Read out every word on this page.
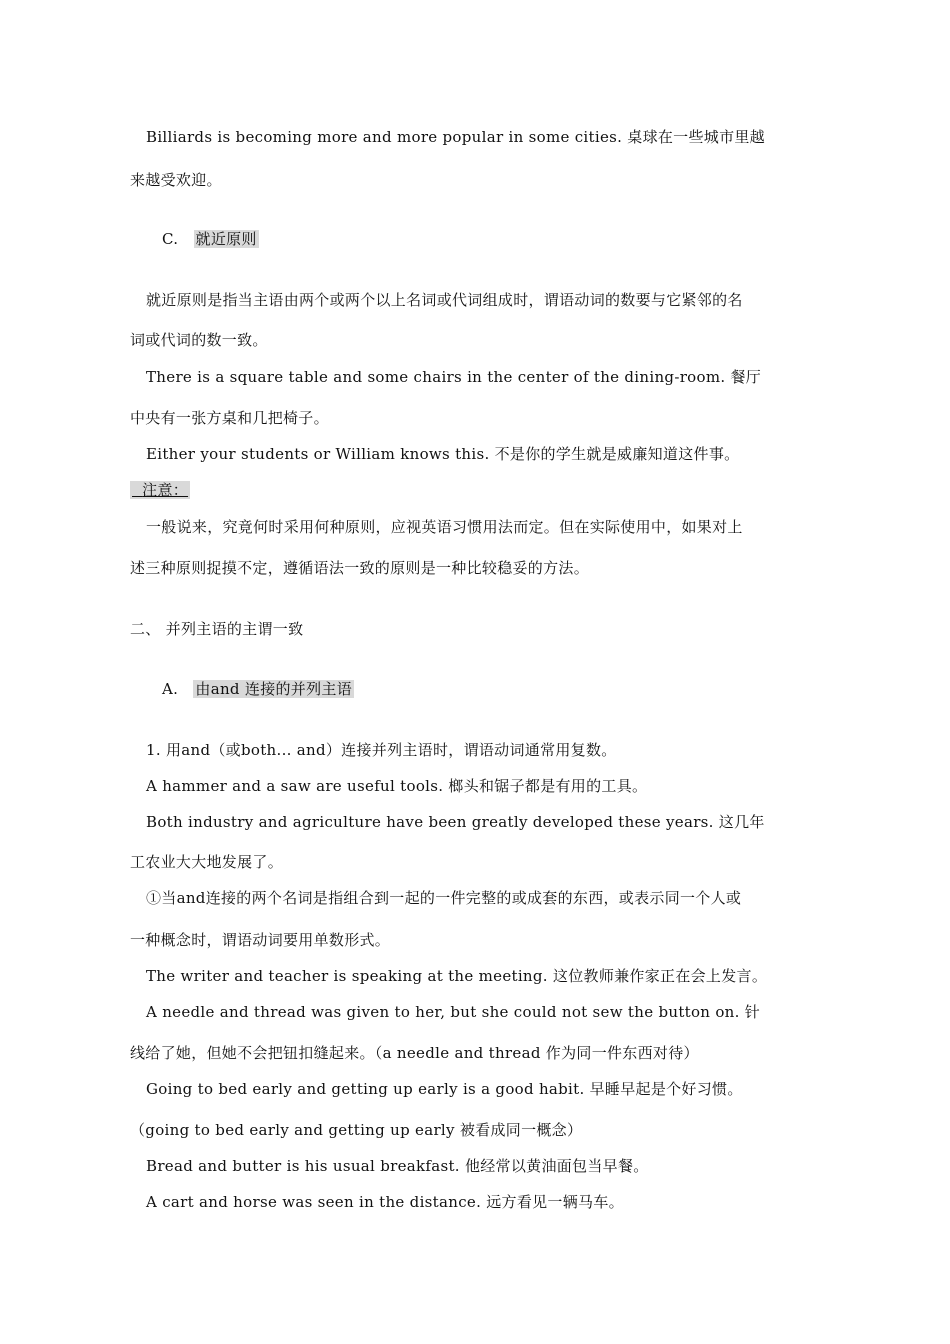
Billiards is becoming more and more popular in some cities. 桌球在一些城市里越
来越受欢迎。
C. 就近原则
就近原则是指当主语由两个或两个以上名词或代词组成时，谓语动词的数要与它紧邻的名
词或代词的数一致。
There is a square table and some chairs in the center of the dining-room. 餐厅
中央有一张方桌和几把椅子。
Either your students or William knows this. 不是你的学生就是威廉知道这件事。
注意：
一般说来，究竟何时采用何种原则，应视英语习惯用法而定。但在实际使用中，如果对上
述三种原则捉摸不定，遵循语法一致的原则是一种比较稳妥的方法。
二、 并列主语的主谓一致
A. 由and 连接的并列主语
1. 用and（或both... and）连接并列主语时，谓语动词通常用复数。
A hammer and a saw are useful tools. 榔头和锯子都是有用的工具。
Both industry and agriculture have been greatly developed these years. 这几年
工农业大大地发展了。
①当and连接的两个名词是指组合到一起的一件完整的或成套的东西，或表示同一个人或
一种概念时，谓语动词要用单数形式。
The writer and teacher is speaking at the meeting. 这位教师兼作家正在会上发言。
A needle and thread was given to her, but she could not sew the button on. 针
线给了她，但她不会把钮扣缝起来。（a needle and thread 作为同一件东西对待）
Going to bed early and getting up early is a good habit. 早睡早起是个好习惯。
（going to bed early and getting up early 被看成同一概念）
Bread and butter is his usual breakfast. 他经常以黄油面包当早餐。
A cart and horse was seen in the distance. 远方看见一辆马车。
